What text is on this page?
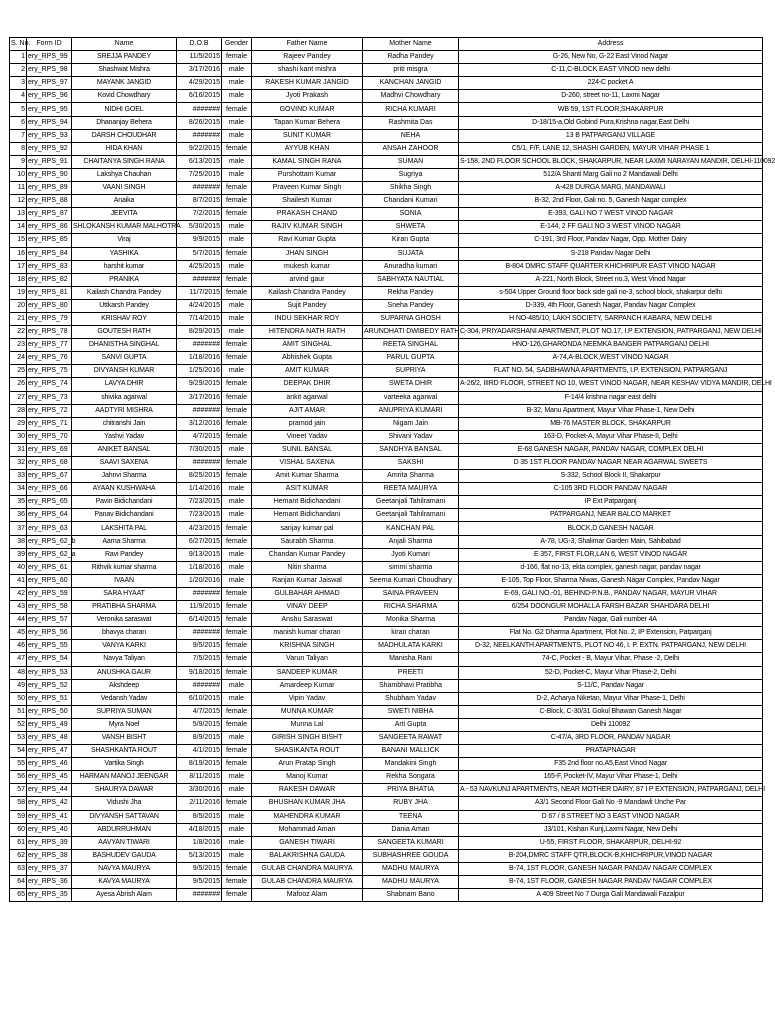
S. No.	Form ID	Name	D.O.B	Gender	Father Name	Mother Name	Address
1	ery_RPS_99	SREJJA PANDEY	11/5/2015	female	Rajeev Pandey	Radha Pandey	G-26, New No, G-22 East Vinod Nagar
2	ery_RPS_98	Shashwat Mishra	3/17/2016	male	shashi kant mishra	priti misgra	C-11,C-BLOCK EAST VINOD new delhi
3	ery_RPS_97	MAYANK JANGID	4/29/2015	male	RAKESH KUMAR JANGID	KANCHAN JANGID	224-C pocket A
4	ery_RPS_96	Kovid Chowdhary	6/16/2015	male	Jyoti Prakash	Madhvi Chowdhary	D-260, street no-11, Laxmi Nagar
5	ery_RPS_95	NIDHI GOEL	#######	female	GOVIND KUMAR	RICHA KUMARI	WB 59, 1ST FLOOR,SHAKARPUR
6	ery_RPS_94	Dhananjay Behera	8/26/2015	male	Tapan Kumar Behera	Rashmita Das	D-18/15-a,Old Gobind Pura,Krishna nagar,East Delhi
7	ery_RPS_93	DARSH CHOUDHAR	#######	male	SUNIT KUMAR	NEHA	13 B PATPARGANJ VILLAGE
8	ery_RPS_92	HIDA KHAN	9/22/2015	female	AYYUB KHAN	ANSAH ZAHOOR	C5/1, F/F, LANE 12, SHASHI GARDEN, MAYUR VIHAR PHASE 1
9	ery_RPS_91	CHAITANYA SINGH RANA	6/13/2015	male	KAMAL SINGH RANA	SUMAN	S-158, 2ND FLOOR SCHOOL BLOCK, SHAKARPUR, NEAR LAXMI NARAYAN MANDIR, DELHI-110092
10	ery_RPS_90	Lakshya Chauhan	7/25/2015	male	Purshottam Kumar	Sugriya	512/A Shanti Marg Gali no 2 Mandawali Delhi
11	ery_RPS_89	VAANI SINGH	#######	female	Praveen Kumar Singh	Shikha Singh	A-428 DURGA MARG, MANDAWALI
12	ery_RPS_88	Anaika	8/7/2015	female	Shailesh Kumar	Chandani Kumari	B-32, 2nd Floor, Gali no. 5, Ganesh Nagar complex
13	ery_RPS_87	JEEVITA	7/2/2015	female	PRAKASH CHAND	SONIA	E-393, GALI NO 7 WEST VINOD NAGAR
14	ery_RPS_86	SHLOKANSH KUMAR MALHOTRA	5/30/2015	male	RAJIV KUMAR SINGH	SHWETA	E-144, 2 FF GALI NO 3 WEST VINOD NAGAR
15	ery_RPS_85	Viraj	9/9/2015	male	Ravi Kumar Gupta	Kiran Gupta	C-191, 3rd Floor, Pandav Nagar, Opp. Mother Dairy
16	ery_RPS_84	YASHIKA	5/7/2015	female	JHAN SINGH	SUJATA	S-218 Pandav Nagar Delhi
17	ery_RPS_83	harshit kumar	4/25/2015	male	mukesh kumar	Anuradha kumari	B-804 DMRC STAFF QUARTER KHICHRIPUR EAST VINOD NAGAR
18	ery_RPS_82	PRANIKA	#######	female	arvind gaur	SABHYATA NAUTIAL	A-221, North Block, Street no.3, West Vinod Nagar
19	ery_RPS_81	Kailash Chandra Pandey	11/7/2015	female	Kailash Chandra Pandey	Rekha Pandey	s-504 Upper Ground floor back side gali no-3, school block, shakarpur delhi
20	ery_RPS_80	Uttkarsh Pandey	4/24/2015	male	Sujit Pandey	Sneha Pandey	D-339, 4th Floor, Ganesh Nagar, Pandav Nagar Complex
21	ery_RPS_79	KRISHAV ROY	7/14/2015	male	INDU SEKHAR ROY	SUPARNA GHOSH	H NO-485/10, LAKH SOCIETY, SARPANCH KABARA, NEW DELHI
22	ery_RPS_78	GOUTESH RATH	8/29/2015	male	HITENDRA NATH RATH	ARUNDHATI DWIBEDY RATH	C-304, PRIYADARSHANI APARTMENT, PLOT NO.17, I.P EXTENSION, PATPARGANJ, NEW DELHI
23	ery_RPS_77	DHANISTHA SINGHAL	#######	female	AMIT SINGHAL	REETA SINGHAL	HNO-126,GHARONDA NEEMKA BANGER PATPARGANJ DELHI
24	ery_RPS_76	SANVI GUPTA	1/18/2016	female	Abhishek Gupta	PARUL GUPTA	A-74,A-BLOCK,WEST VINOD NAGAR
25	ery_RPS_75	DIVYANSH KUMAR	1/25/2016	male	AMIT KUMAR	SUPRIYA	FLAT NO. 54, SADBHAWNA APARTMENTS, I.P. EXTENSION, PATPARGANJ
26	ery_RPS_74	LAVYA DHIR	9/29/2015	female	DEEPAK DHIR	SWETA DHIR	A-26/2, IIIRD FLOOR, STREET NO 10, WEST VINOD NAGAR, NEAR KESHAV VIDYA MANDIR, DELHI
27	ery_RPS_73	shivika agarwal	3/17/2016	female	ankit agarwal	varteeka agarwal	F-14/4 krishna nagar east delhi
28	ery_RPS_72	AADTYRI MISHRA	#######	female	AJIT AMAR	ANUPRIYA KUMARI	B-32, Manu Apartment, Mayur Vihar Phase-1, New Delhi
29	ery_RPS_71	chitranshi Jain	3/12/2016	female	pramod jain	Nigam Jain	MB-76 MASTER BLOCK, SHAKARPUR
30	ery_RPS_70	Yashvi Yadav	4/7/2015	female	Vineet Yadav	Shivani Yadav	163-D, Pocket-A, Mayur Vihar Phase-II, Delhi
31	ery_RPS_69	ANIKET BANSAL	7/30/2015	male	SUNIL BANSAL	SANDHYA BANSAL	E-68 GANESH NAGAR, PANDAV NAGAR, COMPLEX DELHI
32	ery_RPS_68	SAAVI SAXENA	#######	female	VISHAL SAXENA	SAKSHI	D 35 1ST FLOOR PANDAV NAGAR NEAR AGARWAL SWEETS
33	ery_RPS_67	Jahnvi Sharma	8/25/2015	female	Amit Kumar Sharma	Amrita Sharma	S-332, School Block II, Shakarpur
34	ery_RPS_66	AYAAN KUSHWAHA	1/14/2016	male	ASIT KUMAR	REETA MAURYA	C-105 3RD FLOOR PANDAV NAGAR
35	ery_RPS_65	Pavin Bidichandani	7/23/2015	male	Hemant Bidichandani	Geetanjali Tahilramani	IP Ext Patparganj
36	ery_RPS_64	Panav Bidichandani	7/23/2015	male	Hemant Bidichandani	Geetanjali Tahilramani	PATPARGANJ, NEAR BALCO MARKET
37	ery_RPS_63	LAKSHITA PAL	4/23/2015	female	sanjay kumar pal	KANCHAN PAL	BLOCK,D GANESH NAGAR
38	ery_RPS_62_b	Aarna Sharma	6/27/2015	female	Saurabh Sharma	Anjali Sharma	A-78, UG-3, Shalimar Garden Main, Sahibabad
39	ery_RPS_62_a	Ravi Pandey	9/13/2015	male	Chandan Kumar Pandey	Jyoti Kumari	E 357, FIRST FLOR,LAN 6, WEST VINOD NAGAR
40	ery_RPS_61	Rithvik kumar sharma	1/18/2016	male	Nitin sharma	simmi sharma	d-166, flat no-13, ekta complex, ganesh nagar, pandav nagar
41	ery_RPS_60	IVAAN	1/20/2016	male	Ranjan Kumar Jaiswal	Seema Kumari Choudhary	E-105, Top Floor, Sharma Niwas, Ganesh Nagar Complex, Pandav Nagar
42	ery_RPS_59	SARA HYAAT	#######	female	GULBAHAR AHMAD	SAINA PRAVEEN	E-69, GALI NO.-01, BEHIND-P.N.B., PANDAV NAGAR, MAYUR VIHAR
43	ery_RPS_58	PRATIBHA SHARMA	11/9/2015	female	VINAY DEEP	RICHA SHARMA	6/254 DOONGUR MOHALLA FARSH BAZAR SHAHDARA DELHI
44	ery_RPS_57	Veronika saraswat	6/14/2015	female	Anshu Saraswat	Monika Sharma	Pandav Nagar, Gali number 4A
45	ery_RPS_56	bhavya charan	#######	female	manish kumar charan	kiran charan	Flat No. G2 Dharma Apartment, Plot No. 2, IP Extension, Patparganj
46	ery_RPS_55	VANYA KARKI	9/5/2015	female	KRISHNA SINGH	MADHULATA KARKI	D-32, NEELKANTH APARTMENTS, PLOT NO 46, I. P. EXTN. PATPARGANJ, NEW DELHI
47	ery_RPS_54	Navya Taliyan	7/5/2015	female	Varun Taliyan	Manisha Rani	74-C, Pocket - B, Mayur Vihar, Phase -2, Delhi
48	ery_RPS_53	ANUSHKA GAUR	9/18/2015	female	SANDEEP KUMAR	PREETI	52-D, Pocket-C, Mayur Vihar Phase-2, Delhi
49	ery_RPS_52	Akshdeep	#######	male	Amardeep Kumar	Shambhavi Pratibha	S-11/C, Pandav Nagar
50	ery_RPS_51	Vedansh Yadav	6/10/2015	male	Vipin Yadav	Shubham Yadav	D-2, Acharya Niketan, Mayur Vihar Phase-1, Delhi
51	ery_RPS_50	SUPRIYA SUMAN	4/7/2015	female	MUNNA KUMAR	SWETI NIBHA	C-Block, C-30/31 Gokul Bhawan Ganesh Nagar
52	ery_RPS_49	Myra Noel	5/9/2015	female	Munna Lal	Arti Gupta	Delhi 110092
53	ery_RPS_48	VANSH BISHT	8/9/2015	male	GIRISH SINGH BISHT	SANGEETA RAWAT	C-47/A, 3RD FLOOR, PANDAV NAGAR
54	ery_RPS_47	SHASHKANTA ROUT	4/1/2015	female	SHASIKANTA ROUT	BANANI MALLICK	PRATAPNAGAR
55	ery_RPS_46	Vartika Singh	8/19/2015	female	Arun Pratap Singh	Mandakini Singh	F35 2nd floor no.A5,East Vinod Nagar
56	ery_RPS_45	HARMAN MANOJ JEENGAR	8/11/2015	male	Manoj Kumar	Rekha Songara	165-F, Pocket-IV, Mayur Vihar Phase-1, Delhi
57	ery_RPS_44	SHAURYA DAWAR	3/30/2016	male	RAKESH DAWAR	PRIYA BHATIA	A - 53 NAVKUNJ APARTMENTS, NEAR MOTHER DAIRY, 87 I P EXTENSION, PATPARGANJ, DELHI
58	ery_RPS_42	Vidushi Jha	2/11/2016	female	BHUSHAN KUMAR JHA	RUBY JHA	A3/1 Second Floor Gali No -9 Mandawli Unche Par
59	ery_RPS_41	DIVYANSH SATTAVAN	8/5/2015	male	MAHENDRA KUMAR	TEENA	D 67 / 8 STREET NO 3 EAST VINOD NAGAR
60	ery_RPS_40	ABDURRUHMAN	4/18/2015	male	Mohammad Aman	Dania Aman	J3/101, Kishan Kunj,Laxmi Nagar, New Delhi
61	ery_RPS_39	AAVYAN TIWARI	1/8/2016	male	GANESH TIWARI	SANGEETA KUMARI	U-55, FIRST FLOOR, SHAKARPUR, DELHI-92
62	ery_RPS_38	BASHUDEV GAUDA	5/13/2015	male	BALAKRISHNA GAUDA	SUBHASHREE GOUDA	B-204,DMRC STAFF QTR,BLOCK-B,KHICHRIPUR,VINOD NAGAR
63	ery_RPS_37	NAVYA MAURYA	9/5/2015	female	GULAB CHANDRA MAURYA	MADHU MAURYA	B-74, 1ST FLOOR, GANESH NAGAR PANDAV NAGAR COMPLEX
64	ery_RPS_36	KAVYA MAURYA	9/5/2015	female	GULAB CHANDRA MAURYA	MADHU MAURYA	B-74, 1ST FLOOR, GANESH NAGAR PANDAV NAGAR COMPLEX
65	ery_RPS_35	Ayesa Abrish Alam	#######	female	Mafooz Alam	Shabnam Bano	A 409 Street No 7 Durga Gali Mandawali Fazalpur
